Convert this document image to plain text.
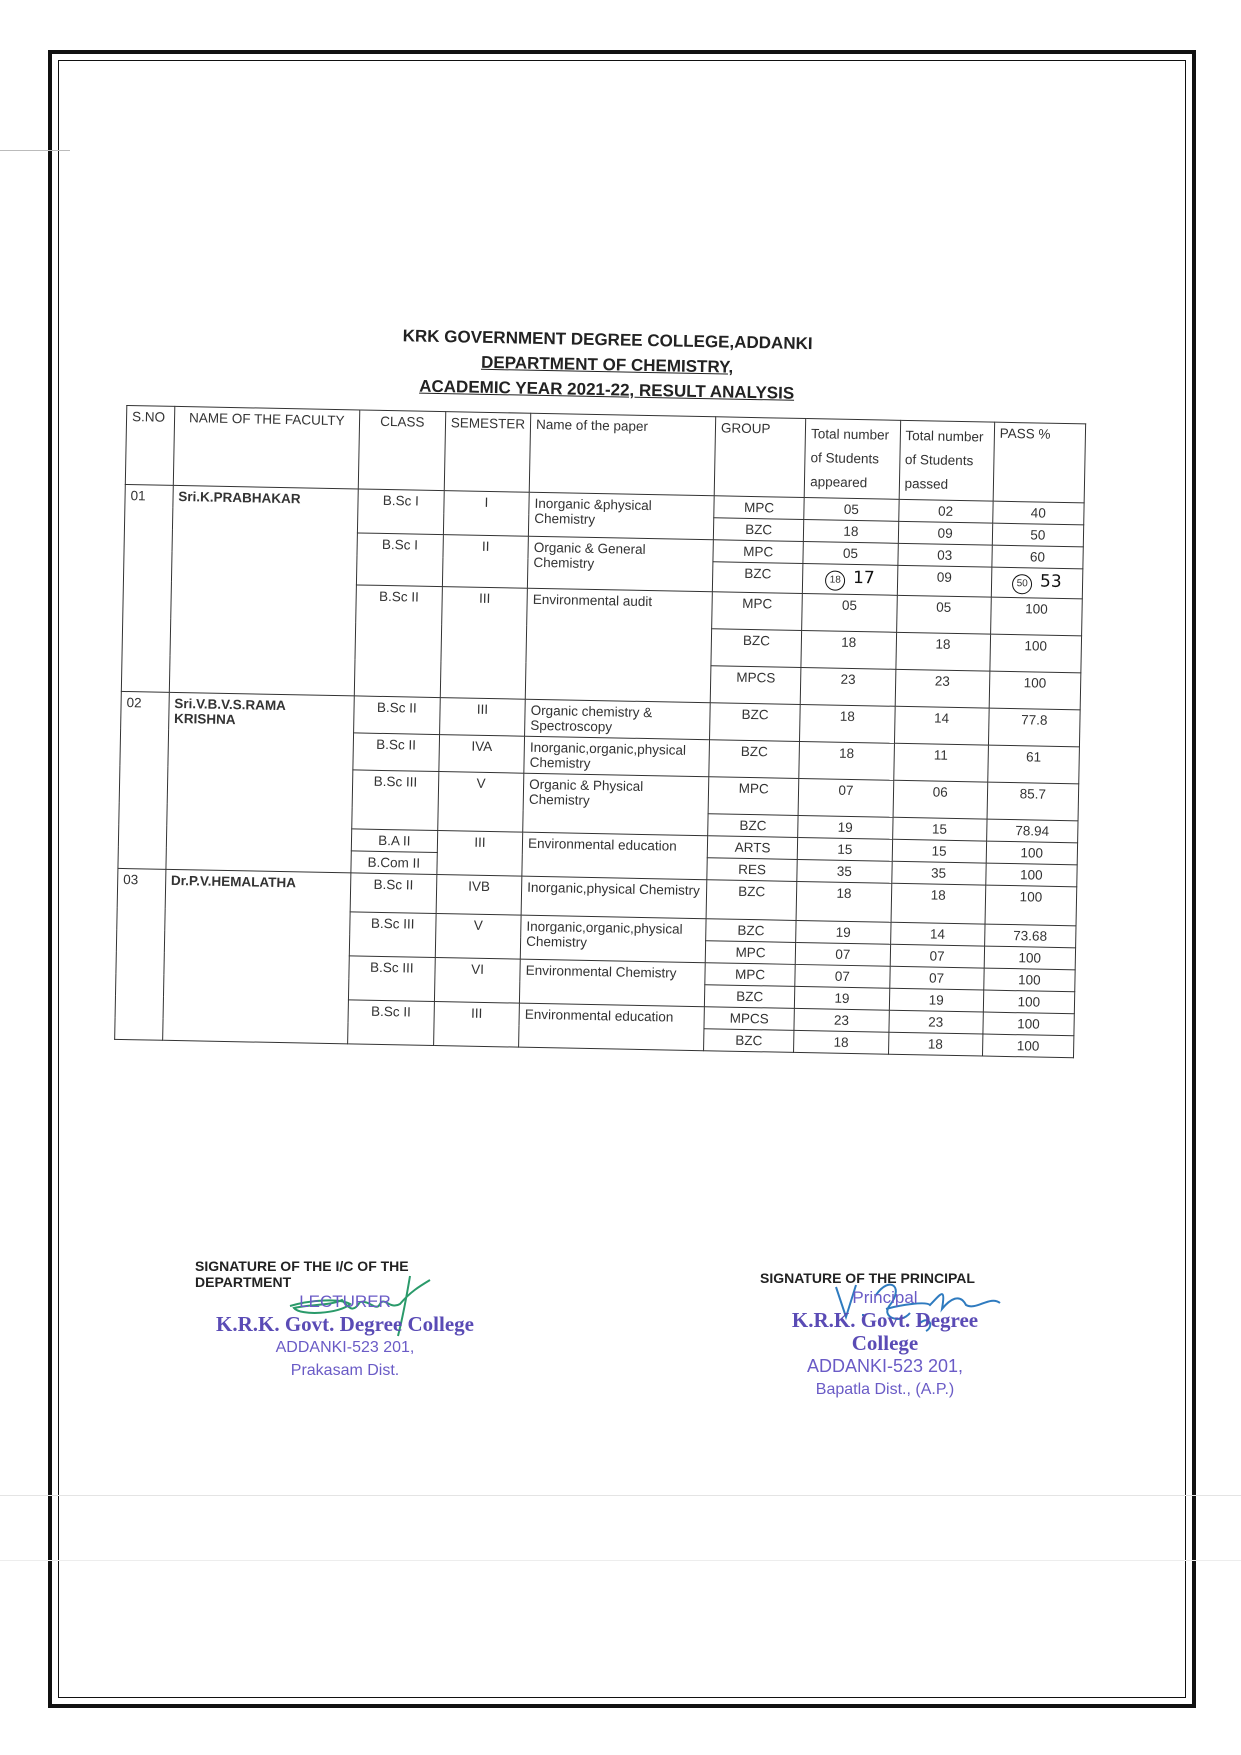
KRK GOVERNMENT DEGREE COLLEGE,ADDANKI
DEPARTMENT OF CHEMISTRY,
ACADEMIC YEAR 2021-22, RESULT ANALYSIS
S.NO	NAME OF THE FACULTY	CLASS	SEMESTER	Name of the paper	GROUP	Total number of Students appeared	Total number of Students passed	PASS %
01	Sri.K.PRABHAKAR	B.Sc I	I	Inorganic &physical Chemistry	MPC	05	02	40
					BZC	18	09	50
		B.Sc I	II	Organic & General Chemistry	MPC	05	03	60
					BZC	18 17	09	50 53
		B.Sc II	III	Environmental audit	MPC	05	05	100
					BZC	18	18	100
					MPCS	23	23	100
02	Sri.V.B.V.S.RAMA KRISHNA	B.Sc II	III	Organic chemistry & Spectroscopy	BZC	18	14	77.8
		B.Sc II	IVA	Inorganic,organic,physical Chemistry	BZC	18	11	61
		B.Sc III	V	Organic & Physical Chemistry	MPC	07	06	85.7
					BZC	19	15	78.94
		B.A II	III	Environmental education	ARTS	15	15	100
		B.Com II			RES	35	35	100
03	Dr.P.V.HEMALATHA	B.Sc II	IVB	Inorganic,physical Chemistry	BZC	18	18	100
		B.Sc III	V	Inorganic,organic,physical Chemistry	BZC	19	14	73.68
					MPC	07	07	100
		B.Sc III	VI	Environmental Chemistry	MPC	07	07	100
					BZC	19	19	100
		B.Sc II	III	Environmental education	MPCS	23	23	100
					BZC	18	18	100
SIGNATURE OF THE I/C OF THE DEPARTMENT
LECTURER
K.R.K. Govt. Degree College
ADDANKI-523 201,
Prakasam Dist.
SIGNATURE OF THE PRINCIPAL
Principal
K.R.K. Govt. Degree College
ADDANKI-523 201,
Bapatla Dist., (A.P.)
